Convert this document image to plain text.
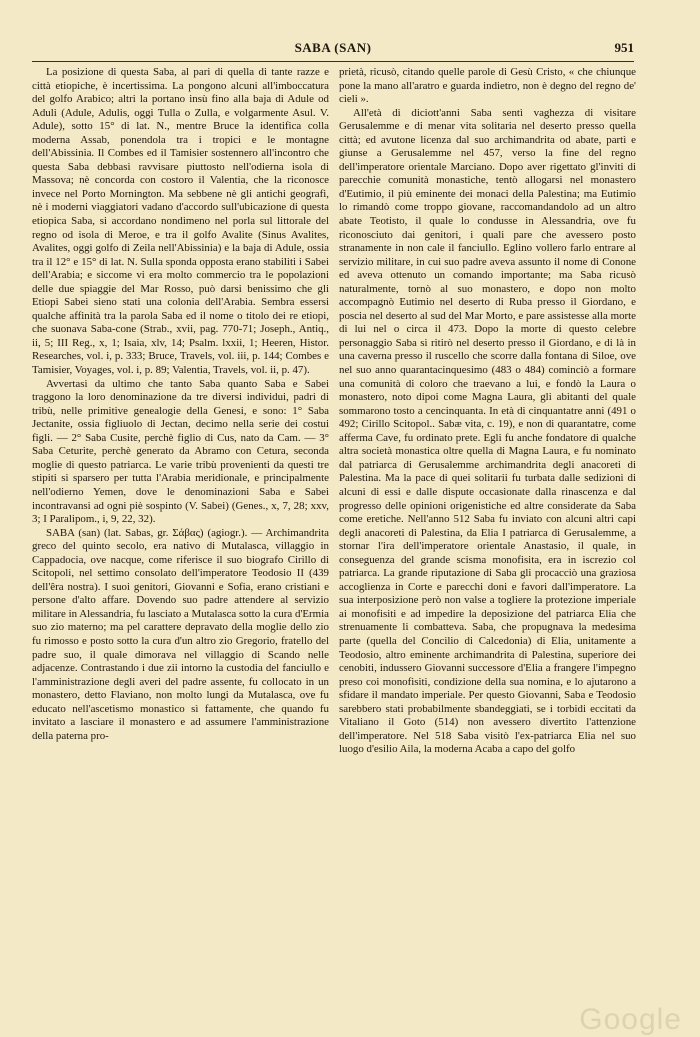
SABA (SAN)	951

La posizione di questa Saba, al pari di quella di tante razze e città etiopiche, è incertissima. La pongono alcuni all'imboccatura del golfo Arabico; altri la portano insù fino alla baja di Adule od Aduli (Adule, Adulis, oggi Tulla o Zulla, e volgarmente Asul. V. Adule), sotto 15° di lat. N., mentre Bruce la identifica colla moderna Assab, ponendola tra i tropici e le montagne dell'Abissinia. Il Combes ed il Tamisier sostennero all'incontro che questa Saba debbasi ravvisare piuttosto nell'odierna isola di Massova; nè concorda con costoro il Valentia, che la riconosce invece nel Porto Mornington. Ma sebbene nè gli antichi geografi, nè i moderni viaggiatori vadano d'accordo sull'ubicazione di questa etiopica Saba, si accordano nondimeno nel porla sul littorale del regno od isola di Meroe, e tra il golfo Avalite (Sinus Avalites, Avalites, oggi golfo di Zeila nell'Abissinia) e la baja di Adule, ossia tra il 12° e 15° di lat. N. Sulla sponda opposta erano stabiliti i Sabei dell'Arabia; e siccome vi era molto commercio tra le popolazioni delle due spiaggie del Mar Rosso, può darsi benissimo che gli Etiopi Sabei sieno stati una colonia dell'Arabia. Sembra essersi qualche affinità tra la parola Saba ed il nome o titolo dei re etiopi, che suonava Saba-cone (Strab., xvii, pag. 770-71; Joseph., Antiq., ii, 5; III Reg., x, 1; Isaia, xlv, 14; Psalm. lxxii, 1; Heeren, Histor. Researches, vol. i, p. 333; Bruce, Travels, vol. iii, p. 144; Combes e Tamisier, Voyages, vol. i, p. 89; Valentia, Travels, vol. ii, p. 47).

Avvertasi da ultimo che tanto Saba quanto Saba e Sabei traggono la loro denominazione da tre diversi individui, padri di tribù, nelle primitive genealogie della Genesi, e sono: 1° Saba Jectanite, ossia figliuolo di Jectan, decimo nella serie dei costui figli. — 2° Saba Cusite, perchè figlio di Cus, nato da Cam. — 3° Saba Ceturite, perchè generato da Abramo con Cetura, seconda moglie di questo patriarca. Le varie tribù provenienti da questi tre stipiti si sparsero per tutta l'Arabia meridionale, e principalmente nell'odierno Yemen, dove le denominazioni Saba e Sabei incontravansi ad ogni piè sospinto (V. Sabei) (Genes., x, 7, 28; xxv, 3; I Paralipom., i, 9, 22, 32).

SABA (san) (lat. Sabas, gr. Σάβας) (agiogr.). — Archimandrita greco del quinto secolo, era nativo di Mutalasca, villaggio in Cappadocia, ove nacque, come riferisce il suo biografo Cirillo di Scitopoli, nel settimo consolato dell'imperatore Teodosio II (439 dell'êra nostra). I suoi genitori, Giovanni e Sofia, erano cristiani e persone d'alto affare. Dovendo suo padre attendere al servizio militare in Alessandria, fu lasciato a Mutalasca sotto la cura d'Ermia suo zio materno; ma pel carattere depravato della moglie dello zio fu rimosso e posto sotto la cura d'un altro zio Gregorio, fratello del padre suo, il quale dimorava nel villaggio di Scando nelle adjacenze. Contrastando i due zii intorno la custodia del fanciullo e l'amministrazione degli averi del padre assente, fu collocato in un monastero, detto Flaviano, non molto lungi da Mutalasca, ove fu educato nell'ascetismo monastico sì fattamente, che quando fu invitato a lasciare il monastero e ad assumere l'amministrazione della paterna pro-

prietà, ricusò, citando quelle parole di Gesù Cristo, « che chiunque pone la mano all'aratro e guarda indietro, non è degno del regno de' cieli ».

All'età di diciott'anni Saba sentì vaghezza di visitare Gerusalemme e di menar vita solitaria nel deserto presso quella città; ed avutone licenza dal suo archimandrita od abate, partì e giunse a Gerusalemme nel 457, verso la fine del regno dell'imperatore orientale Marciano. Dopo aver rigettato gl'inviti di parecchie comunità monastiche, tentò allogarsi nel monastero d'Eutimio, il più eminente dei monaci della Palestina; ma Eutimio lo rimandò come troppo giovane, raccomandandolo ad un altro abate Teotisto, il quale lo condusse in Alessandria, ove fu riconosciuto dai genitori, i quali pare che avessero posto stranamente in non cale il fanciullo. Eglino vollero farlo entrare al servizio militare, in cui suo padre aveva assunto il nome di Conone ed aveva ottenuto un comando importante; ma Saba ricusò naturalmente, tornò al suo monastero, e dopo non molto accompagnò Eutimio nel deserto di Ruba presso il Giordano, e poscia nel deserto al sud del Mar Morto, e pare assistesse alla morte di lui nel o circa il 473. Dopo la morte di questo celebre personaggio Saba si ritirò nel deserto presso il Giordano, e di là in una caverna presso il ruscello che scorre dalla fontana di Siloe, ove nel suo anno quarantacinquesimo (483 o 484) cominciò a formare una comunità di coloro che traevano a lui, e fondò la Laura o monastero, noto dipoi come Magna Laura, gli abitanti del quale sommarono tosto a cencinquanta. In età di cinquantatre anni (491 o 492; Cirillo Scitopol.. Sabæ vita, c. 19), e non di quarantatre, come afferma Cave, fu ordinato prete. Egli fu anche fondatore di qualche altra società monastica oltre quella di Magna Laura, e fu nominato dal patriarca di Gerusalemme archimandrita degli anacoreti di Palestina. Ma la pace di quei solitarii fu turbata dalle sedizioni di alcuni di essi e dalle dispute occasionate dalla rinascenza e dal progresso delle opinioni origenistiche ed altre considerate da Saba come eretiche. Nell'anno 512 Saba fu inviato con alcuni altri capi degli anacoreti di Palestina, da Elia I patriarca di Gerusalemme, a stornar l'ira dell'imperatore orientale Anastasio, il quale, in conseguenza del grande scisma monofisita, era in iscrezio col patriarca. La grande riputazione di Saba gli procacciò una graziosa accoglienza in Corte e parecchi doni e favori dall'imperatore. La sua interposizione però non valse a togliere la protezione imperiale ai monofisiti e ad impedire la deposizione del patriarca Elia che strenuamente li combatteva. Saba, che propugnava la medesima parte (quella del Concilio di Calcedonia) di Elia, unitamente a Teodosio, altro eminente archimandrita di Palestina, superiore dei cenobiti, indussero Giovanni successore d'Elia a frangere l'impegno preso coi monofisiti, condizione della sua nomina, e lo ajutarono a sfidare il mandato imperiale. Per questo Giovanni, Saba e Teodosio sarebbero stati probabilmente sbandeggiati, se i torbidi eccitati da Vitaliano il Goto (514) non avessero divertito l'attenzione dell'imperatore. Nel 518 Saba visitò l'ex-patriarca Elia nel suo luogo d'esilio Aila, la moderna Acaba a capo del golfo

Google
